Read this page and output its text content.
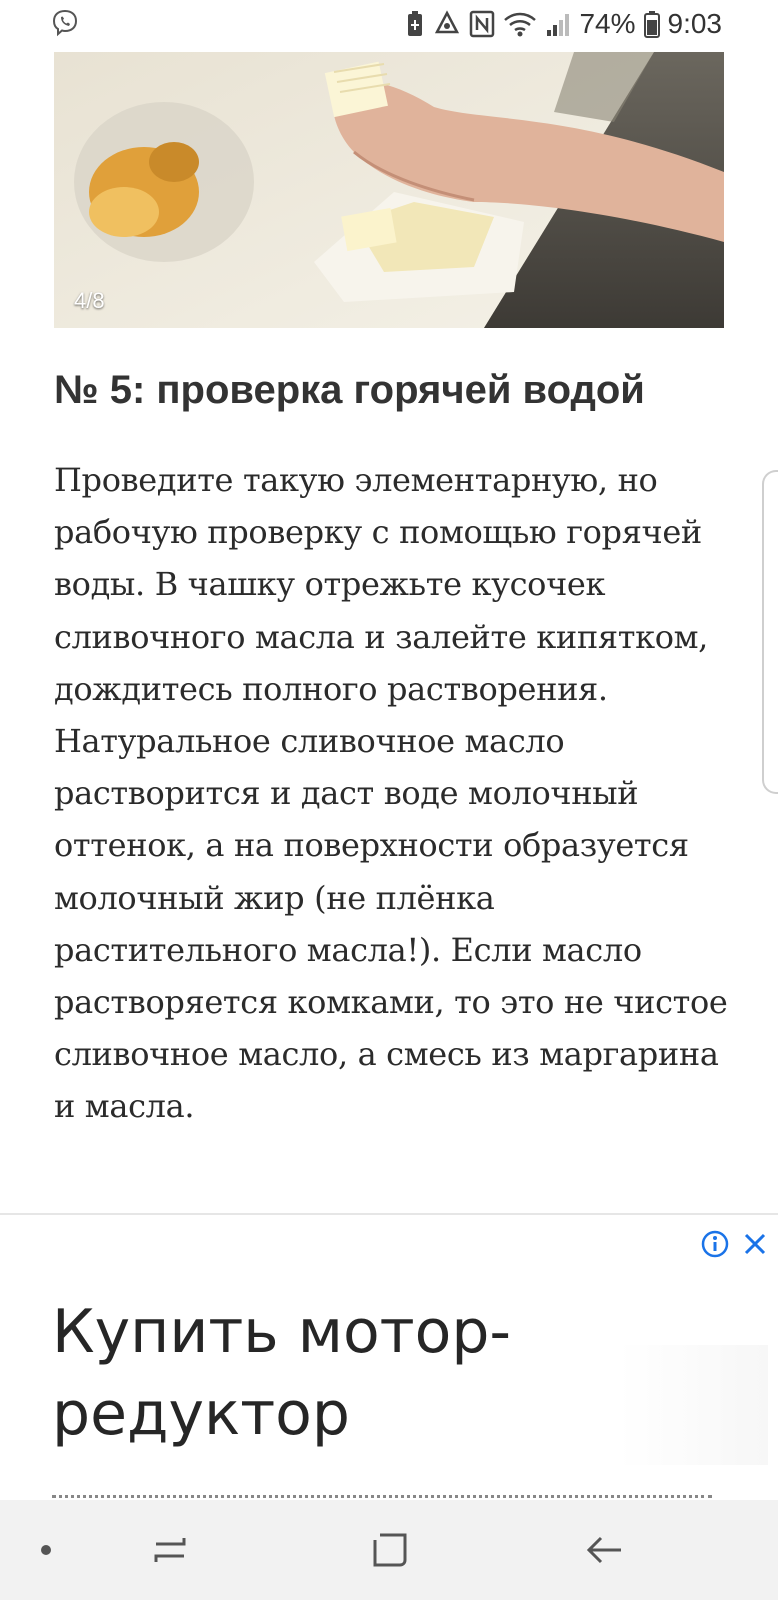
74% 9:03
4/8
№ 5: проверка горячей водой

Проведите такую элементарную, но рабочую проверку с помощью горячей воды. В чашку отрежьте кусочек сливочного масла и залейте кипятком, дождитесь полного растворения. Натуральное сливочное масло растворится и даст воде молочный оттенок, а на поверхности образуется молочный жир (не плёнка растительного масла!). Если масло растворяется комками, то это не чистое сливочное масло, а смесь из маргарина и масла.

Купить мотор-редуктор
